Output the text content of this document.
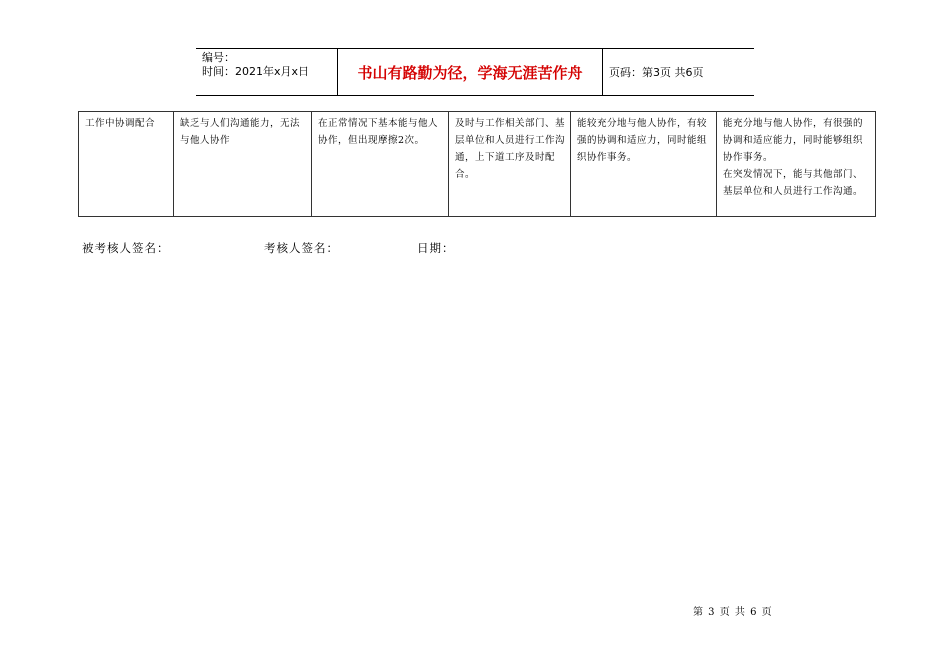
编号：
时间：2021年x月x日	书山有路勤为径，学海无涯苦作舟	页码：第3页 共6页
工作中协调配合	缺乏与人们沟通能力，无法与他人协作	在正常情况下基本能与他人协作，但出现摩擦2次。	及时与工作相关部门、基层单位和人员进行工作沟通，上下道工序及时配合。	能较充分地与他人协作，有较强的协调和适应力，同时能组织协作事务。	能充分地与他人协作，有很强的协调和适应能力，同时能够组织协作事务。
在突发情况下，能与其他部门、基层单位和人员进行工作沟通。
被考核人签名：	考核人签名：	日期：
第 3 页 共 6 页
